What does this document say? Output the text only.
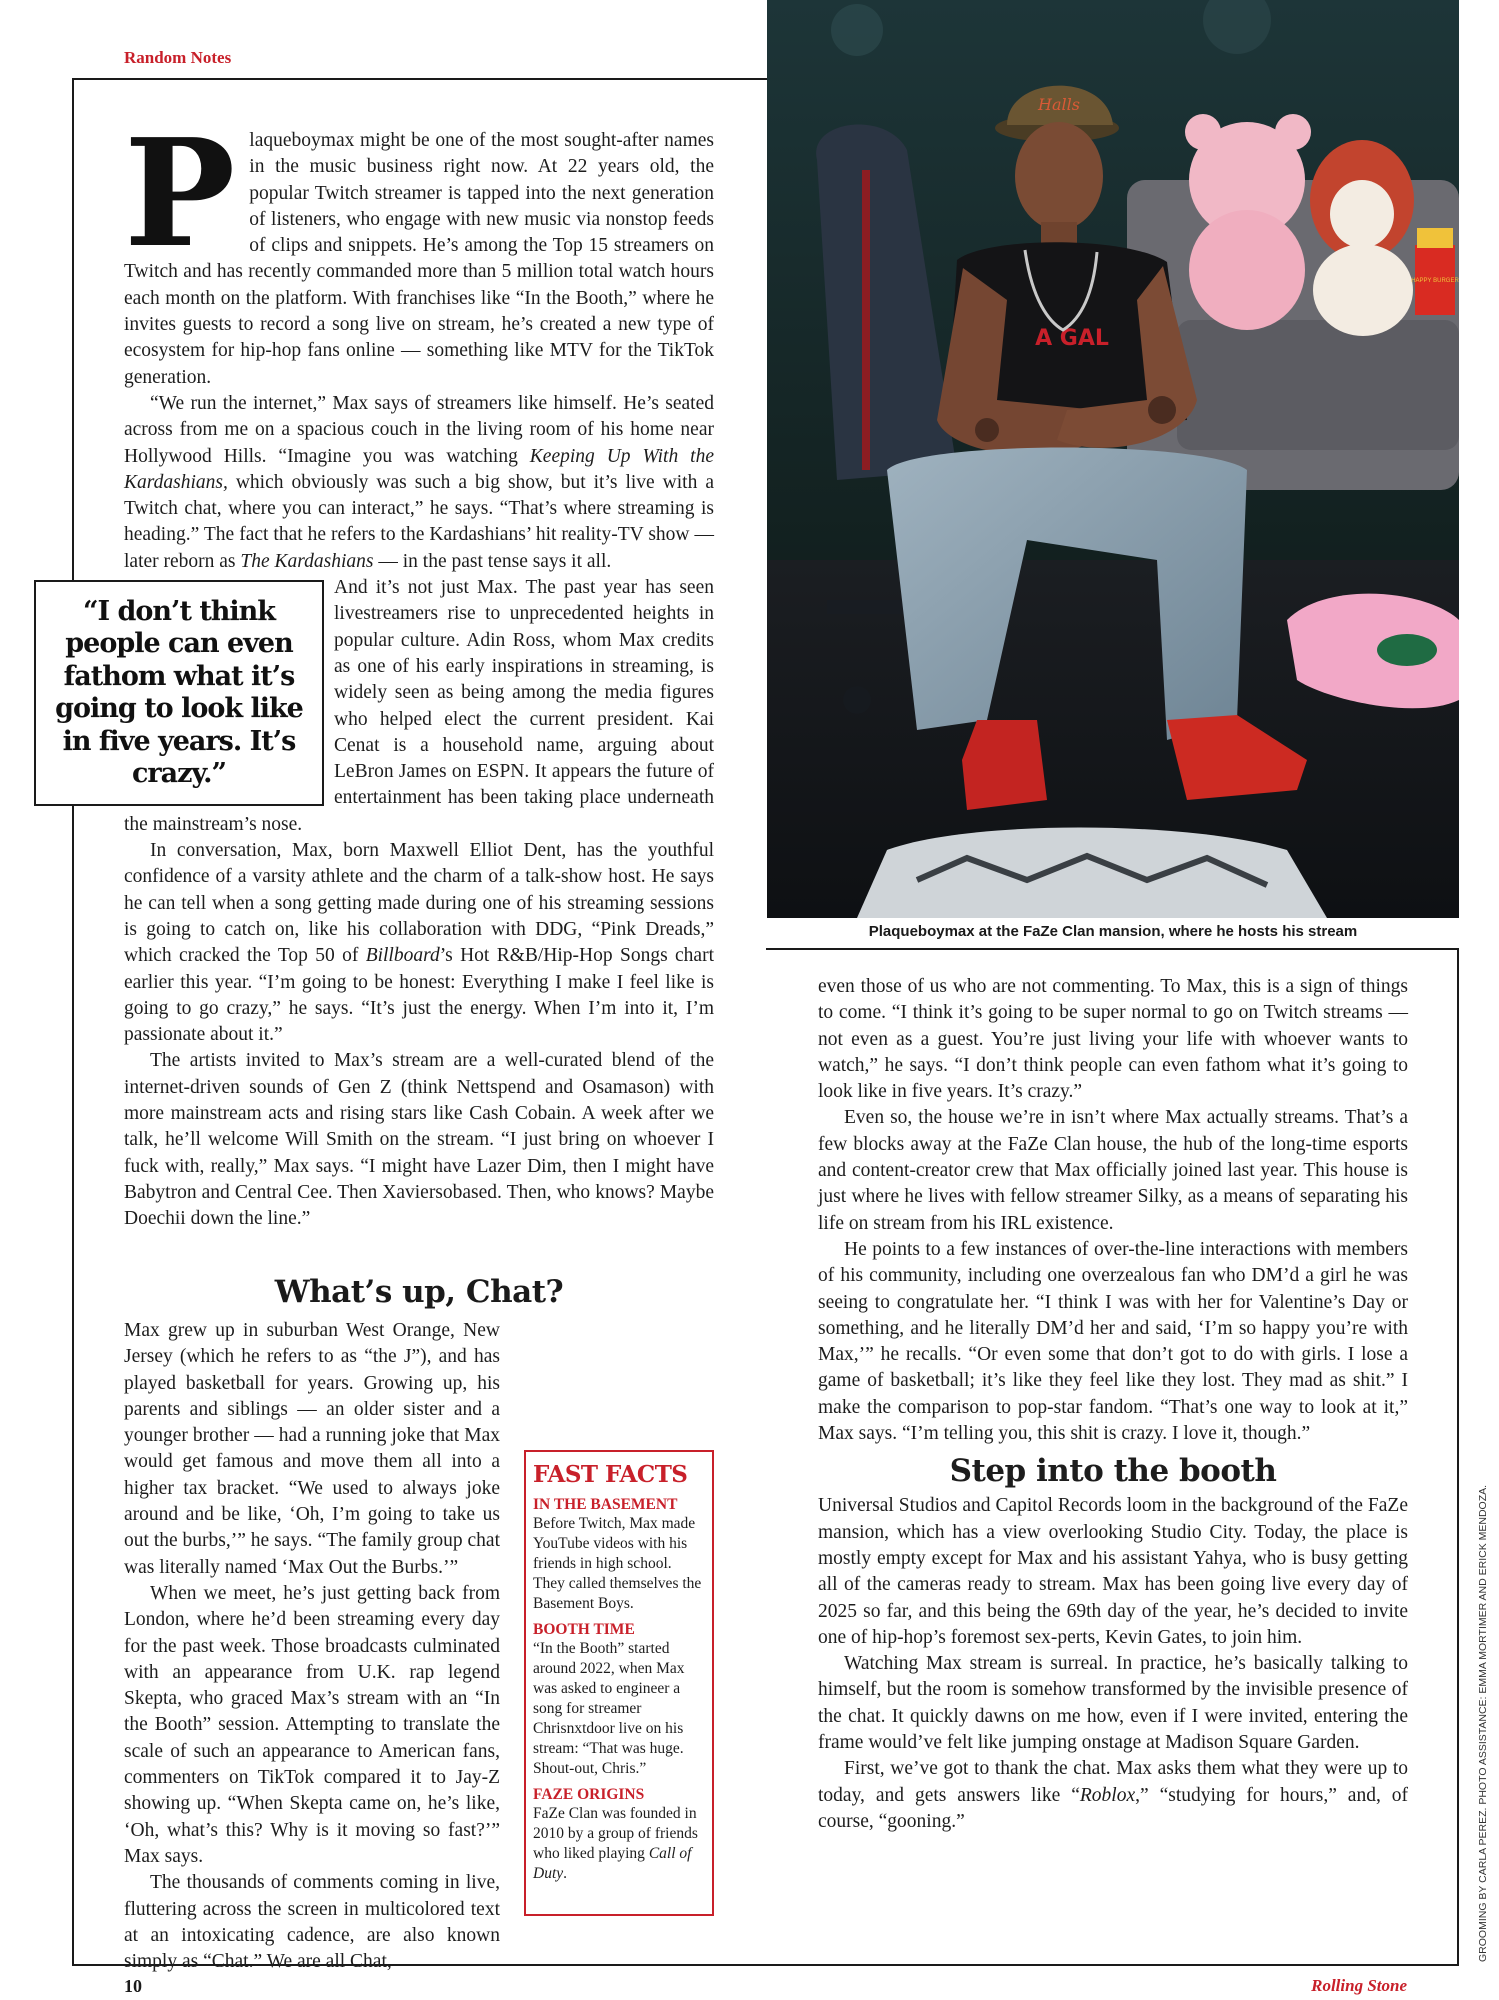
Random Notes
HAPPY BURGER
Halls
A GAL
Plaqueboymax at the FaZe Clan mansion, where he hosts his stream
P laqueboymax might be one of the most sought-after names in the music business right now. At 22 years old, the popular Twitch streamer is tapped into the next generation of listeners, who engage with new music via nonstop feeds of clips and snippets. He’s among the Top 15 streamers on Twitch and has recently commanded more than 5 million total watch hours each month on the platform. With franchises like “In the Booth,” where he invites guests to record a song live on stream, he’s created a new type of ecosystem for hip-hop fans online — something like MTV for the TikTok generation.

“We run the internet,” Max says of streamers like himself. He’s seated across from me on a spacious couch in the living room of his home near Hollywood Hills. “Imagine you was watching Keeping Up With the Kardashians, which obviously was such a big show, but it’s live with a Twitch chat, where you can interact,” he says. “That’s where streaming is heading.” The fact that he refers to the Kardashians’ hit reality-TV show — later reborn as The Kardashians — in the past tense says it all.

And it’s not just Max. The past year has seen livestreamers rise to unprecedented heights in popular culture. Adin Ross, whom Max credits as one of his early inspirations in streaming, is widely seen as being among the media figures who helped elect the current president. Kai Cenat is a household name, arguing about LeBron James on ESPN. It appears the future of entertainment has been taking place underneath the mainstream’s nose.

In conversation, Max, born Maxwell Elliot Dent, has the youthful confidence of a varsity athlete and the charm of a talk-show host. He says he can tell when a song getting made during one of his streaming sessions is going to catch on, like his collaboration with DDG, “Pink Dreads,” which cracked the Top 50 of Billboard’s Hot R&B/Hip-Hop Songs chart earlier this year. “I’m going to be honest: Everything I make I feel like is going to go crazy,” he says. “It’s just the energy. When I’m into it, I’m passionate about it.”

The artists invited to Max’s stream are a well-curated blend of the internet-driven sounds of Gen Z (think Nettspend and Osamason) with more mainstream acts and rising stars like Cash Cobain. A week after we talk, he’ll welcome Will Smith on the stream. “I just bring on whoever I fuck with, really,” Max says. “I might have Lazer Dim, then I might have Babytron and Central Cee. Then Xaviersobased. Then, who knows? Maybe Doechii down the line.”

Max grew up in suburban West Orange, New Jersey (which he refers to as “the J”), and has played basketball for years. Growing up, his parents and siblings — an older sister and a younger brother — had a running joke that Max would get famous and move them all into a higher tax bracket. “We used to always joke around and be like, ‘Oh, I’m going to take us out the burbs,’” he says. “The family group chat was literally named ‘Max Out the Burbs.’”

When we meet, he’s just getting back from London, where he’d been streaming every day for the past week. Those broadcasts culminated with an appearance from U.K. rap legend Skepta, who graced Max’s stream with an “In the Booth” session. Attempting to translate the scale of such an appearance to American fans, commenters on TikTok compared it to Jay-Z showing up. “When Skepta came on, he’s like, ‘Oh, what’s this? Why is it moving so fast?’” Max says.

The thousands of comments coming in live, fluttering across the screen in multicolored text at an intoxicating cadence, are also known simply as “Chat.” We are all Chat,

What’s up, Chat?

even those of us who are not commenting. To Max, this is a sign of things to come. “I think it’s going to be super normal to go on Twitch streams — not even as a guest. You’re just living your life with whoever wants to watch,” he says. “I don’t think people can even fathom what it’s going to look like in five years. It’s crazy.”

Even so, the house we’re in isn’t where Max actually streams. That’s a few blocks away at the FaZe Clan house, the hub of the long-time esports and content-creator crew that Max officially joined last year. This house is just where he lives with fellow streamer Silky, as a means of separating his life on stream from his IRL existence.

He points to a few instances of over-the-line interactions with members of his community, including one overzealous fan who DM’d a girl he was seeing to congratulate her. “I think I was with her for Valentine’s Day or something, and he literally DM’d her and said, ‘I’m so happy you’re with Max,’” he recalls. “Or even some that don’t got to do with girls. I lose a game of basketball; it’s like they feel like they lost. They mad as shit.” I make the comparison to pop-star fandom. “That’s one way to look at it,” Max says. “I’m telling you, this shit is crazy. I love it, though.”

Step into the booth

Universal Studios and Capitol Records loom in the background of the FaZe mansion, which has a view overlooking Studio City. Today, the place is mostly empty except for Max and his assistant Yahya, who is busy getting all of the cameras ready to stream. Max has been going live every day of 2025 so far, and this being the 69th day of the year, he’s decided to invite one of hip-hop’s foremost sex-perts, Kevin Gates, to join him.

Watching Max stream is surreal. In practice, he’s basically talking to himself, but the room is somehow transformed by the invisible presence of the chat. It quickly dawns on me how, even if I were invited, entering the frame would’ve felt like jumping onstage at Madison Square Garden.

First, we’ve got to thank the chat. Max asks them what they were up to today, and gets answers like “Roblox,” “studying for hours,” and, of course, “gooning.”

“I don’t think people can even fathom what it’s going to look like in five years. It’s crazy.”
FAST FACTS
IN THE BASEMENT
Before Twitch, Max made YouTube videos with his friends in high school. They called themselves the Basement Boys.
BOOTH TIME
“In the Booth” started around 2022, when Max was asked to engineer a song for streamer Chrisnxtdoor live on his stream: “That was huge. Shout-out, Chris.”
FAZE ORIGINS
FaZe Clan was founded in 2010 by a group of friends who liked playing Call of Duty.	GROOMING BY CARLA PEREZ. PHOTO ASSISTANCE: EMMA MORTIMER AND ERICK MENDOZA.
10	Rolling Stone
